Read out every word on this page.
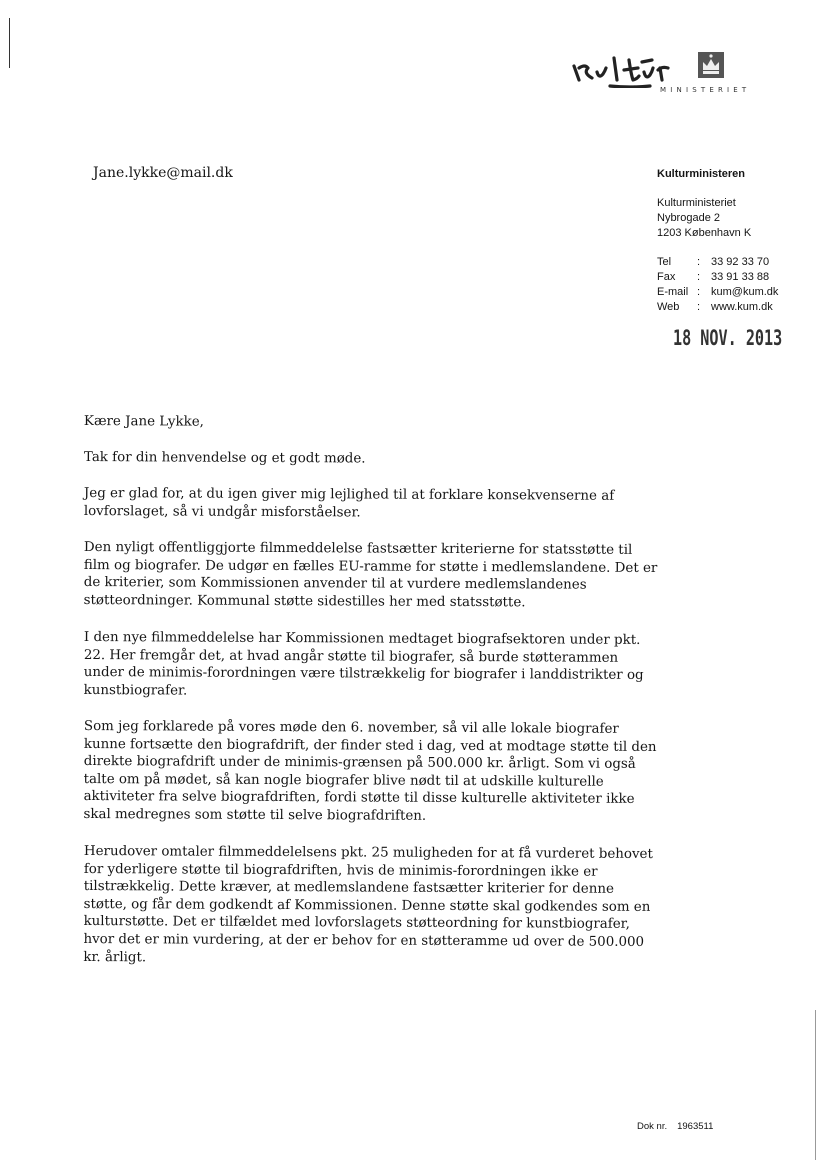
MINISTERIET
Jane.lykke@mail.dk	Kulturministeren
Kulturministeriet
Nybrogade 2
1203 København K
Tel	: 33 92 33 70
Fax	: 33 91 33 88
E-mail : kum@kum.dk
Web	: www.kum.dk
18 NOV. 2013

Kære Jane Lykke,

Tak for din henvendelse og et godt møde.

Jeg er glad for, at du igen giver mig lejlighed til at forklare konsekvenserne af lovforslaget, så vi undgår misforståelser.

Den nyligt offentliggjorte filmmeddelelse fastsætter kriterierne for statsstøtte til film og biografer. De udgør en fælles EU-ramme for støtte i medlemslandene. Det er de kriterier, som Kommissionen anvender til at vurdere medlemslandenes støtteordninger. Kommunal støtte sidestilles her med statsstøtte.

I den nye filmmeddelelse har Kommissionen medtaget biografsektoren under pkt. 22. Her fremgår det, at hvad angår støtte til biografer, så burde støtterammen under de minimis-forordningen være tilstrækkelig for biografer i landdistrikter og kunstbiografer.

Som jeg forklarede på vores møde den 6. november, så vil alle lokale biografer kunne fortsætte den biografdrift, der finder sted i dag, ved at modtage støtte til den direkte biografdrift under de minimis-grænsen på 500.000 kr. årligt. Som vi også talte om på mødet, så kan nogle biografer blive nødt til at udskille kulturelle aktiviteter fra selve biografdriften, fordi støtte til disse kulturelle aktiviteter ikke skal medregnes som støtte til selve biografdriften.

Herudover omtaler filmmeddelelsens pkt. 25 muligheden for at få vurderet behovet for yderligere støtte til biografdriften, hvis de minimis-forordningen ikke er tilstrækkelig. Dette kræver, at medlemslandene fastsætter kriterier for denne støtte, og får dem godkendt af Kommissionen. Denne støtte skal godkendes som en kulturstøtte. Det er tilfældet med lovforslagets støtteordning for kunstbiografer, hvor det er min vurdering, at der er behov for en støtteramme ud over de 500.000 kr. årligt.

Dok nr. 1963511
